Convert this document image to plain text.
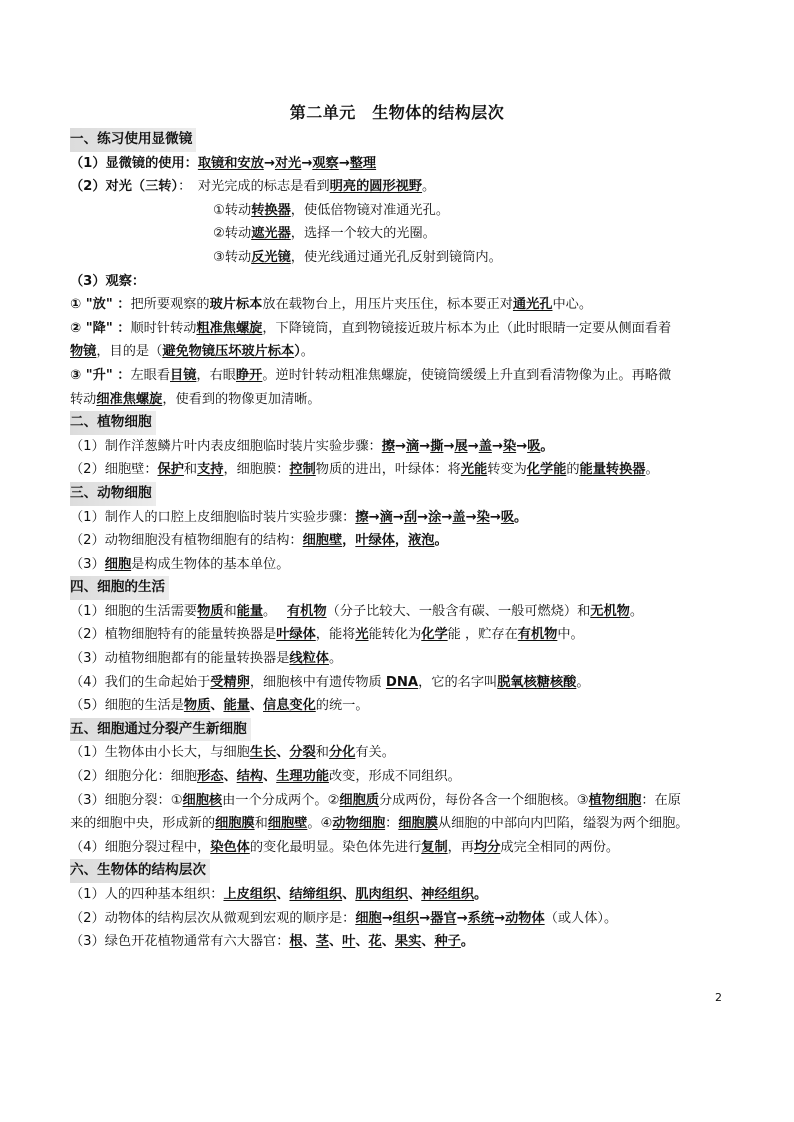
第二单元　生物体的结构层次
一、练习使用显微镜
（1）显微镜的使用：取镜和安放→对光→观察→整理
（2）对光（三转）：　对光完成的标志是看到明亮的圆形视野。
①转动转换器，使低倍物镜对准通光孔。
②转动遮光器，选择一个较大的光圈。
③转动反光镜，使光线通过通光孔反射到镜筒内。
（3）观察：
① "放" ：把所要观察的玻片标本放在载物台上，用压片夹压住，标本要正对通光孔中心。
② "降" ：顺时针转动粗准焦螺旋，下降镜筒，直到物镜接近玻片标本为止（此时眼睛一定要从侧面看着
物镜，目的是（避免物镜压坏玻片标本）。
③ "升" ：左眼看目镜，右眼睁开。逆时针转动粗准焦螺旋，使镜筒缓缓上升直到看清物像为止。再略微
转动细准焦螺旋，使看到的物像更加清晰。
二、植物细胞
（1）制作洋葱鳞片叶内表皮细胞临时装片实验步骤：擦→滴→撕→展→盖→染→吸。
（2）细胞壁：保护和支持，细胞膜：控制物质的进出，叶绿体：将光能转变为化学能的能量转换器。
三、动物细胞
（1）制作人的口腔上皮细胞临时装片实验步骤：擦→滴→刮→涂→盖→染→吸。
（2）动物细胞没有植物细胞有的结构：细胞壁，叶绿体，液泡。
（3）细胞是构成生物体的基本单位。
四、细胞的生活
（1）细胞的生活需要物质和能量。　 有机物（分子比较大、一般含有碳、一般可燃烧）和无机物。
（2）植物细胞特有的能量转换器是叶绿体，能将光能转化为化学能 ，贮存在有机物中。
（3）动植物细胞都有的能量转换器是线粒体。
（4）我们的生命起始于受精卵，细胞核中有遗传物质 DNA，它的名字叫脱氧核糖核酸。
（5）细胞的生活是物质、能量、信息变化的统一。
五、细胞通过分裂产生新细胞
（1）生物体由小长大，与细胞生长、分裂和分化有关。
（2）细胞分化：细胞形态、结构、生理功能改变，形成不同组织。
（3）细胞分裂：①细胞核由一个分成两个。②细胞质分成两份，每份各含一个细胞核。③植物细胞：在原
来的细胞中央，形成新的细胞膜和细胞壁。④动物细胞：细胞膜从细胞的中部向内凹陷，缢裂为两个细胞。
（4）细胞分裂过程中，染色体的变化最明显。染色体先进行复制，再均分成完全相同的两份。
六、生物体的结构层次
（1）人的四种基本组织：上皮组织、结缔组织、肌肉组织、神经组织。
（2）动物体的结构层次从微观到宏观的顺序是：细胞→组织→器官→系统→动物体（或人体）。
（3）绿色开花植物通常有六大器官：根、茎、叶、花、果实、种子。
2
